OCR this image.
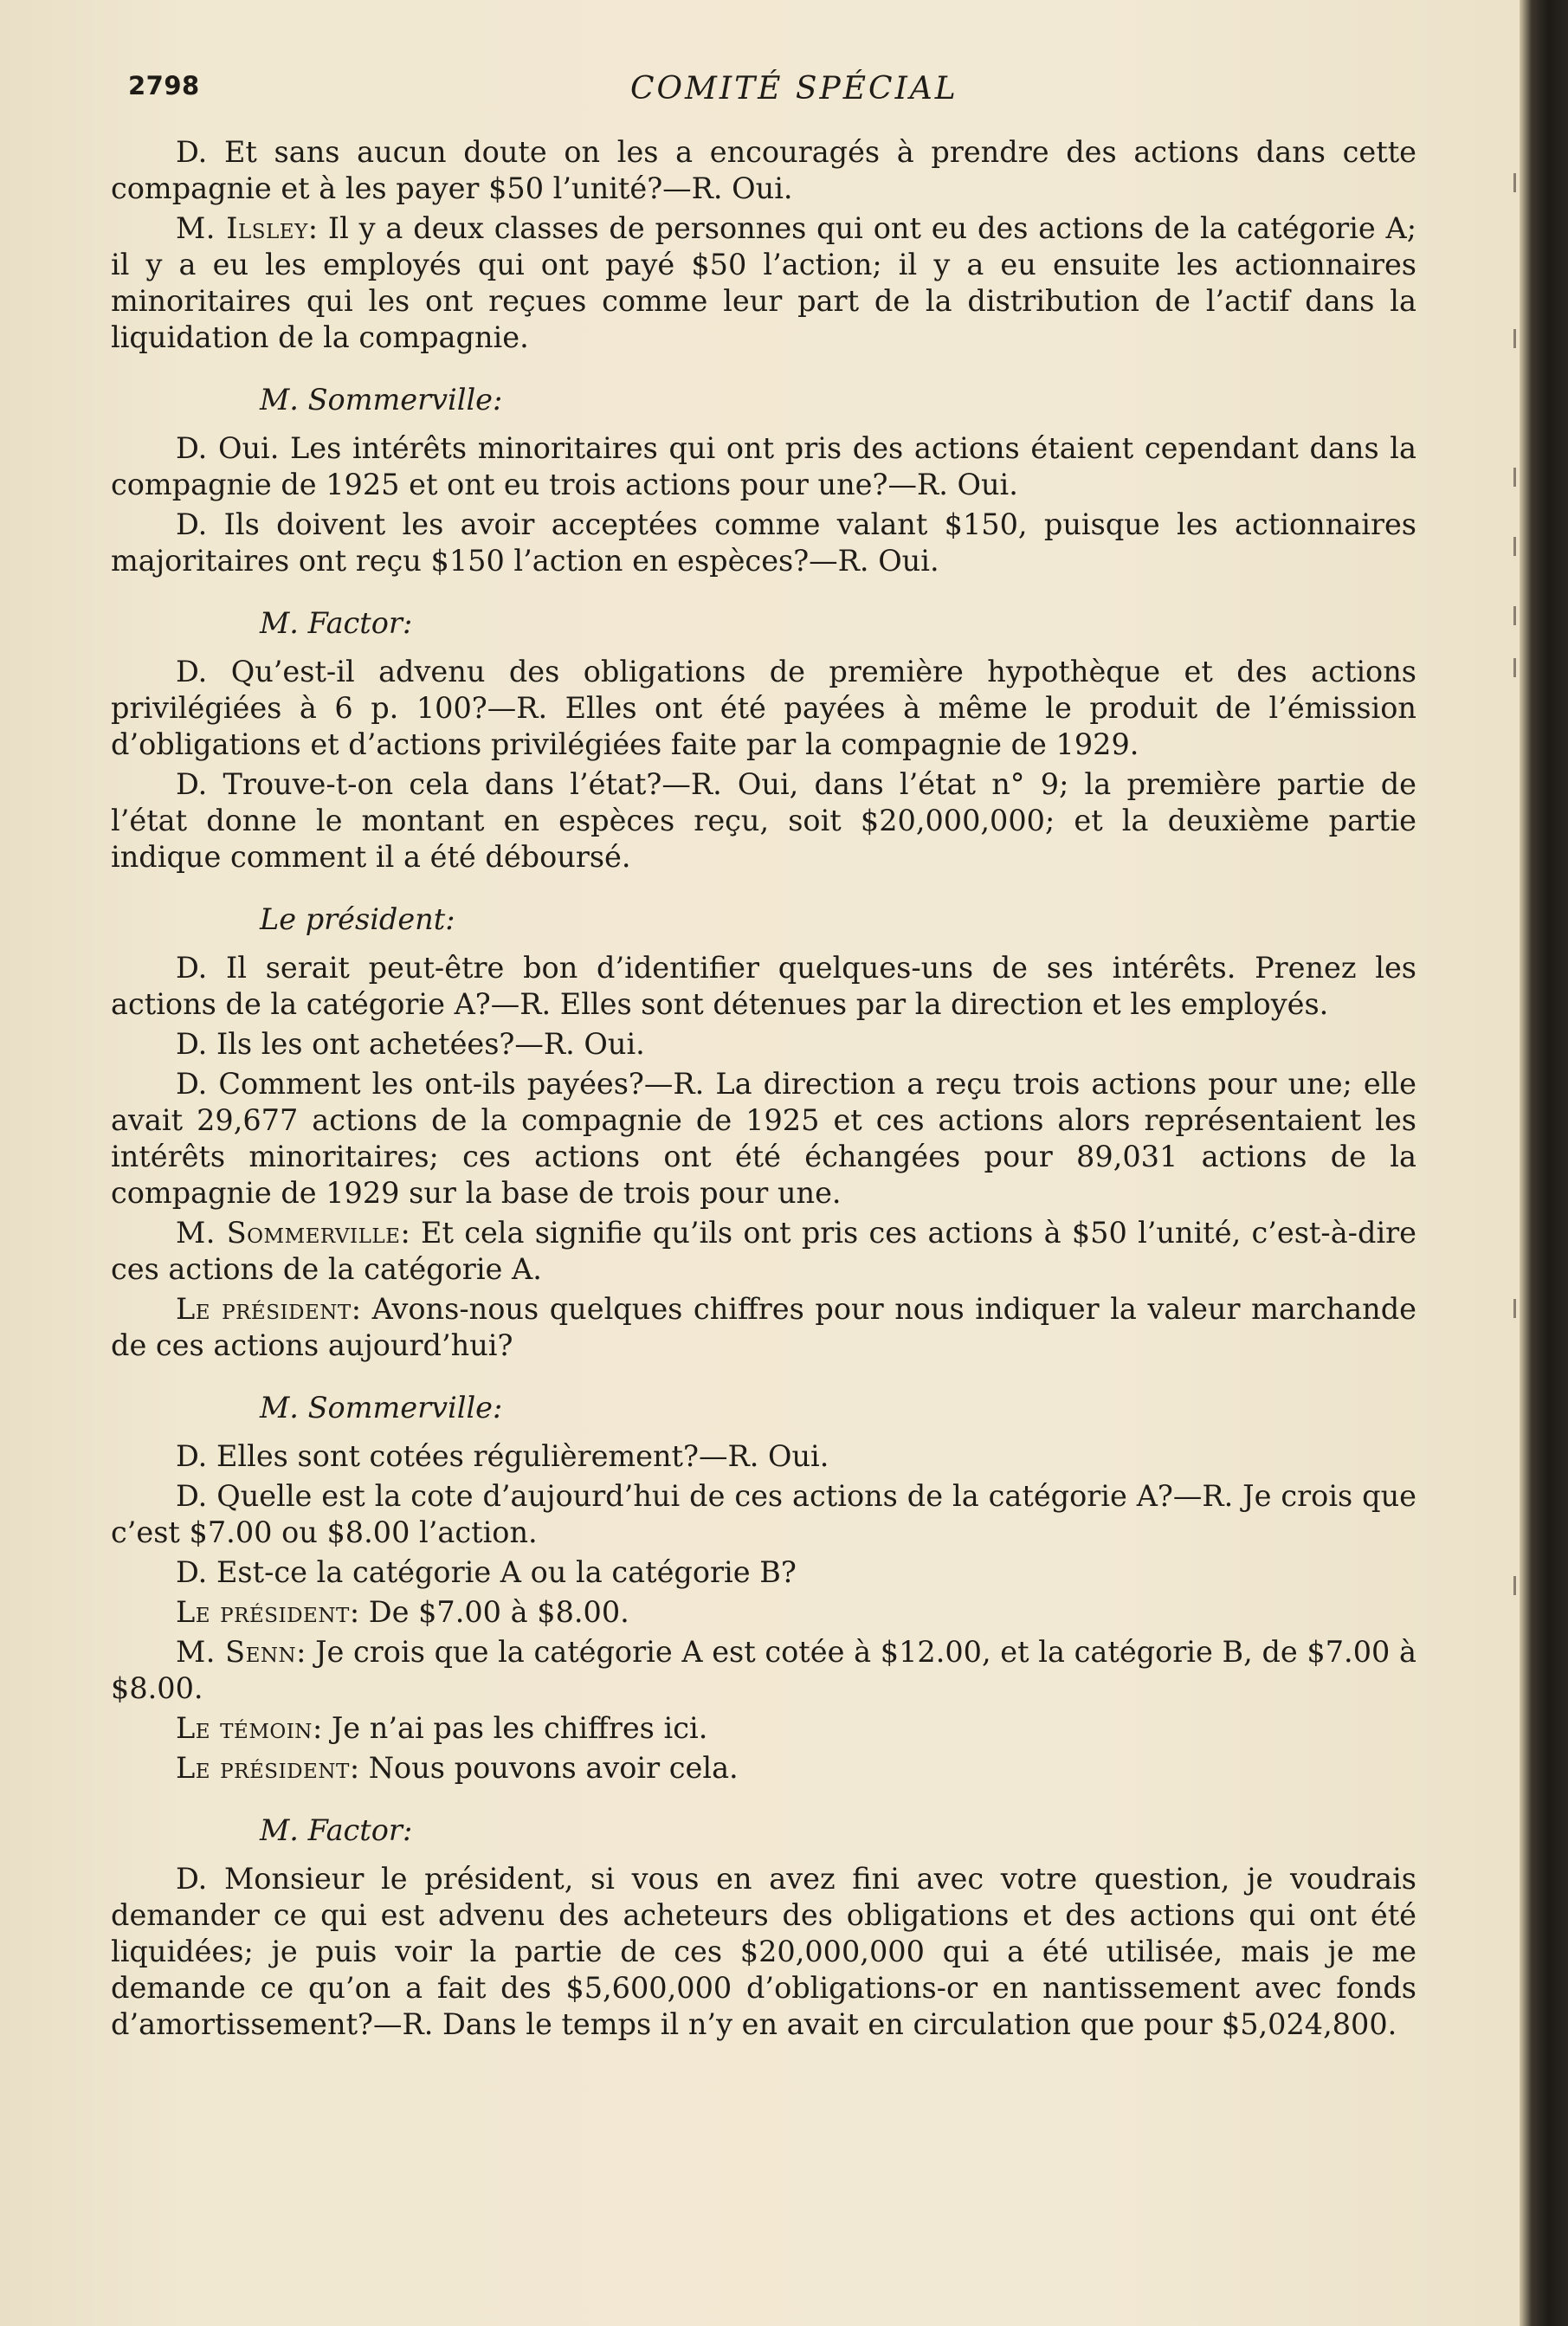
2798	COMITÉ SPÉCIAL

D. Et sans aucun doute on les a encouragés à prendre des actions dans cette compagnie et à les payer $50 l’unité?—R. Oui.

M. Ilsley: Il y a deux classes de personnes qui ont eu des actions de la catégorie A; il y a eu les employés qui ont payé $50 l’action; il y a eu ensuite les actionnaires minoritaires qui les ont reçues comme leur part de la distribution de l’actif dans la liquidation de la compagnie.

M. Sommerville:

D. Oui. Les intérêts minoritaires qui ont pris des actions étaient cependant dans la compagnie de 1925 et ont eu trois actions pour une?—R. Oui.

D. Ils doivent les avoir acceptées comme valant $150, puisque les actionnaires majoritaires ont reçu $150 l’action en espèces?—R. Oui.

M. Factor:

D. Qu’est-il advenu des obligations de première hypothèque et des actions privilégiées à 6 p. 100?—R. Elles ont été payées à même le produit de l’émission d’obligations et d’actions privilégiées faite par la compagnie de 1929.

D. Trouve-t-on cela dans l’état?—R. Oui, dans l’état n° 9; la première partie de l’état donne le montant en espèces reçu, soit $20,000,000; et la deuxième partie indique comment il a été déboursé.

Le président:

D. Il serait peut-être bon d’identifier quelques-uns de ses intérêts. Prenez les actions de la catégorie A?—R. Elles sont détenues par la direction et les employés.

D. Ils les ont achetées?—R. Oui.

D. Comment les ont-ils payées?—R. La direction a reçu trois actions pour une; elle avait 29,677 actions de la compagnie de 1925 et ces actions alors représentaient les intérêts minoritaires; ces actions ont été échangées pour 89,031 actions de la compagnie de 1929 sur la base de trois pour une.

M. Sommerville: Et cela signifie qu’ils ont pris ces actions à $50 l’unité, c’est-à-dire ces actions de la catégorie A.

Le président: Avons-nous quelques chiffres pour nous indiquer la valeur marchande de ces actions aujourd’hui?

M. Sommerville:

D. Elles sont cotées régulièrement?—R. Oui.

D. Quelle est la cote d’aujourd’hui de ces actions de la catégorie A?—R. Je crois que c’est $7.00 ou $8.00 l’action.

D. Est-ce la catégorie A ou la catégorie B?

Le président: De $7.00 à $8.00.

M. Senn: Je crois que la catégorie A est cotée à $12.00, et la catégorie B, de $7.00 à $8.00.

Le témoin: Je n’ai pas les chiffres ici.

Le président: Nous pouvons avoir cela.

M. Factor:

D. Monsieur le président, si vous en avez fini avec votre question, je voudrais demander ce qui est advenu des acheteurs des obligations et des actions qui ont été liquidées; je puis voir la partie de ces $20,000,000 qui a été utilisée, mais je me demande ce qu’on a fait des $5,600,000 d’obligations-or en nantissement avec fonds d’amortissement?—R. Dans le temps il n’y en avait en circulation que pour $5,024,800.
